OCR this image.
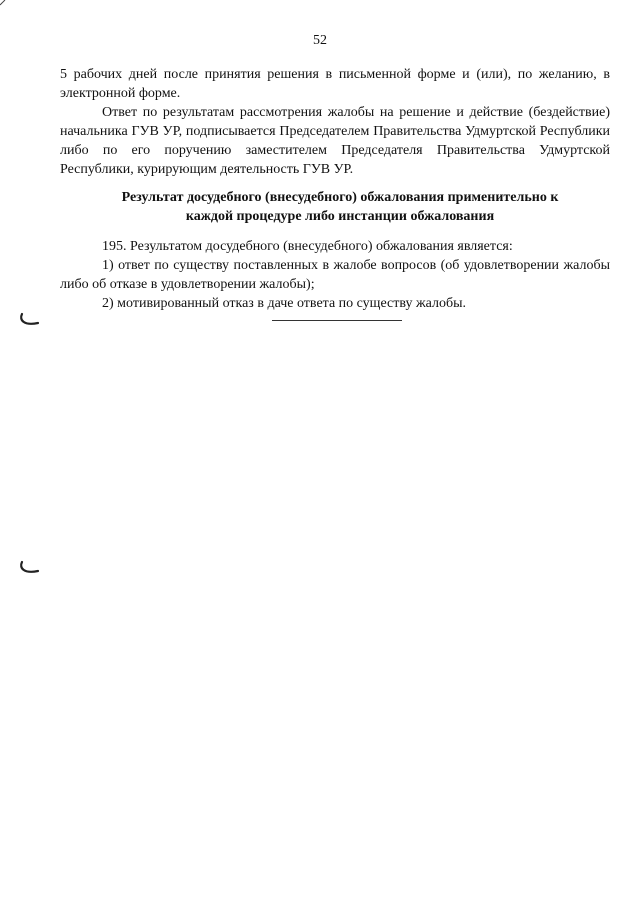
52

5 рабочих дней после принятия решения в письменной форме и (или), по желанию, в электронной форме.

Ответ по результатам рассмотрения жалобы на решение и действие (бездействие) начальника ГУВ УР, подписывается Председателем Правительства Удмуртской Республики либо по его поручению заместителем Председателя Правительства Удмуртской Республики, курирующим деятельность ГУВ УР.

Результат досудебного (внесудебного) обжалования применительно к
каждой процедуре либо инстанции обжалования

195. Результатом досудебного (внесудебного) обжалования является:

1) ответ по существу поставленных в жалобе вопросов (об удовлетворении жалобы либо об отказе в удовлетворении жалобы);

2) мотивированный отказ в даче ответа по существу жалобы.
